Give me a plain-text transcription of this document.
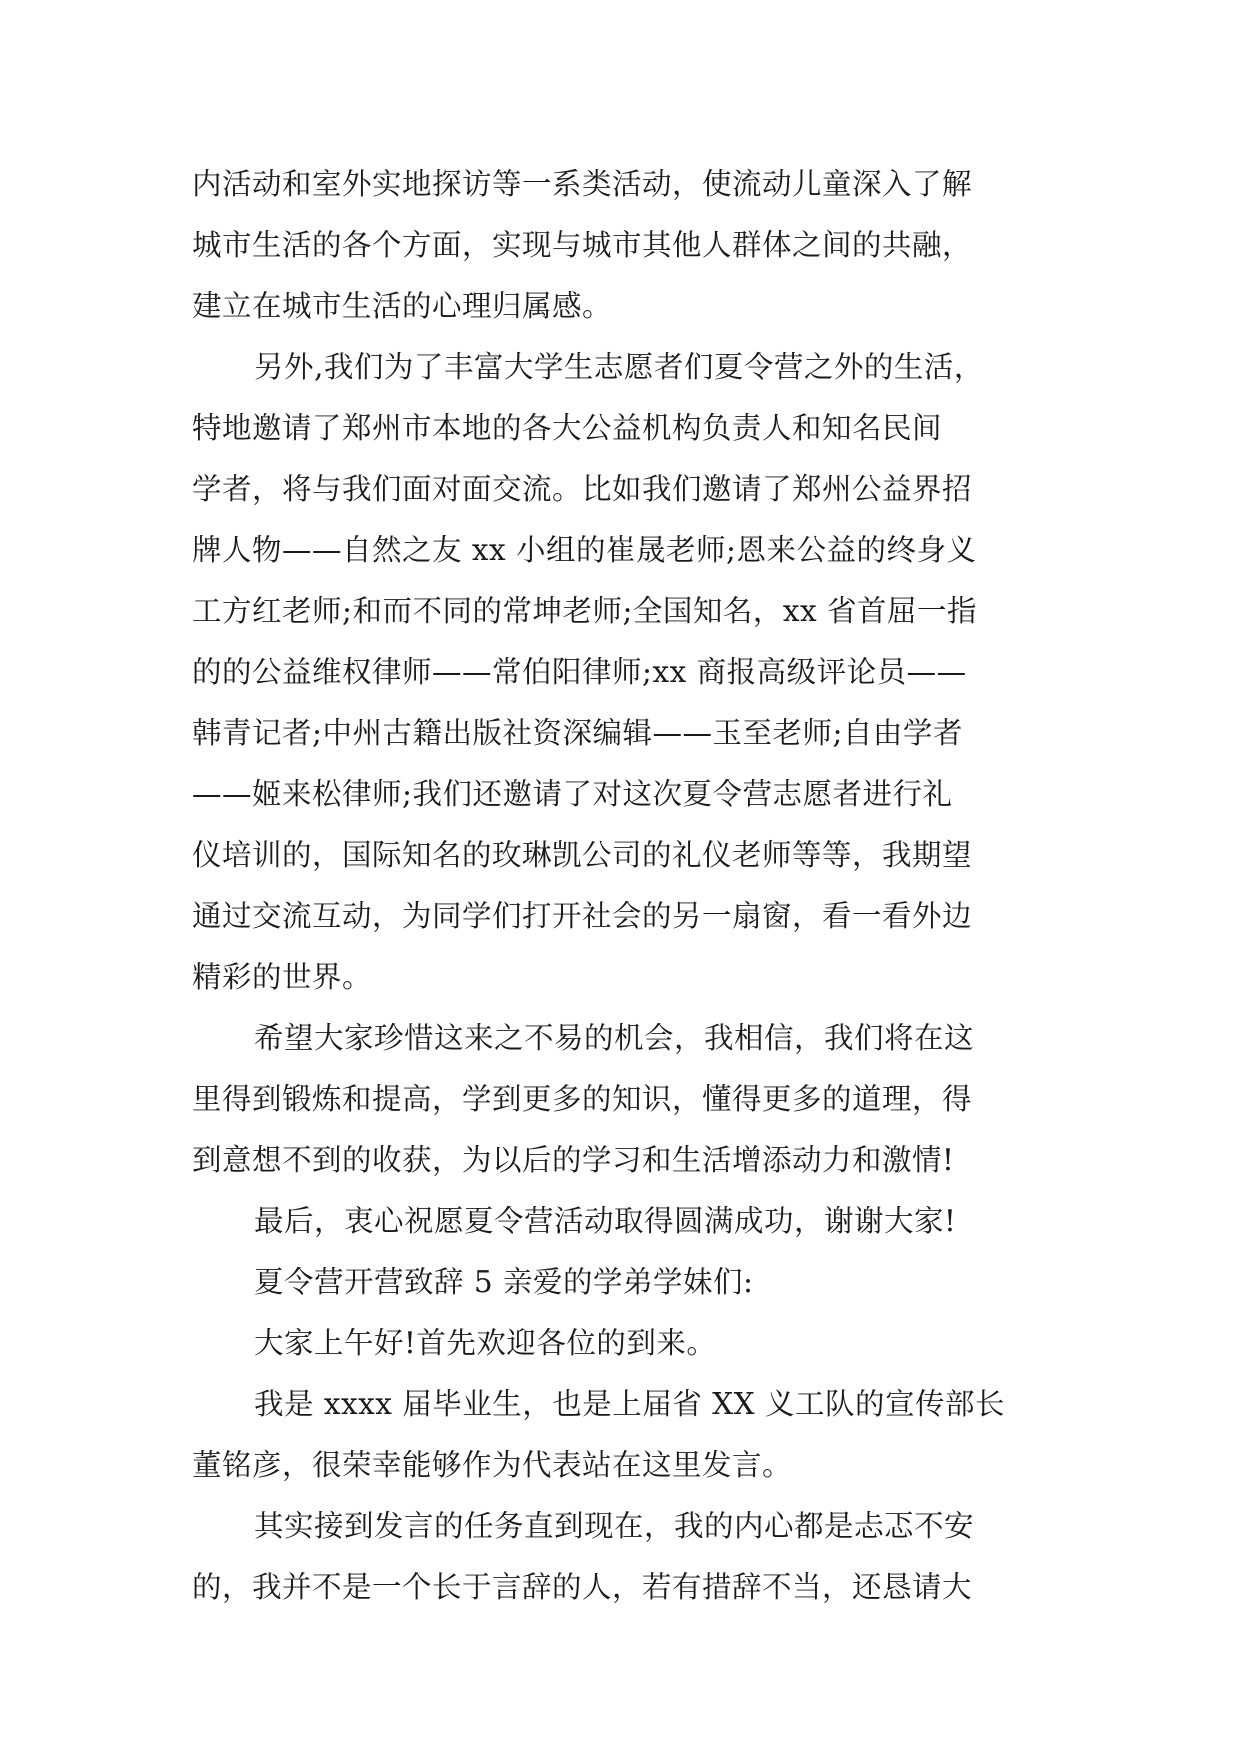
内活动和室外实地探访等一系类活动，使流动儿童深入了解
城市生活的各个方面，实现与城市其他人群体之间的共融，
建立在城市生活的心理归属感。

另外,我们为了丰富大学生志愿者们夏令营之外的生活，
特地邀请了郑州市本地的各大公益机构负责人和知名民间
学者，将与我们面对面交流。比如我们邀请了郑州公益界招
牌人物——自然之友 xx 小组的崔晟老师;恩来公益的终身义
工方红老师;和而不同的常坤老师;全国知名，xx 省首屈一指
的的公益维权律师——常伯阳律师;xx 商报高级评论员——
韩青记者;中州古籍出版社资深编辑——玉至老师;自由学者
——姬来松律师;我们还邀请了对这次夏令营志愿者进行礼
仪培训的，国际知名的玫琳凯公司的礼仪老师等等，我期望
通过交流互动，为同学们打开社会的另一扇窗，看一看外边
精彩的世界。

希望大家珍惜这来之不易的机会，我相信，我们将在这
里得到锻炼和提高，学到更多的知识，懂得更多的道理，得
到意想不到的收获，为以后的学习和生活增添动力和激情!

最后，衷心祝愿夏令营活动取得圆满成功，谢谢大家!

夏令营开营致辞 5 亲爱的学弟学妹们:

大家上午好!首先欢迎各位的到来。

我是 xxxx 届毕业生，也是上届省 XX 义工队的宣传部长
董铭彦，很荣幸能够作为代表站在这里发言。

其实接到发言的任务直到现在，我的内心都是忐忑不安
的，我并不是一个长于言辞的人，若有措辞不当，还恳请大
